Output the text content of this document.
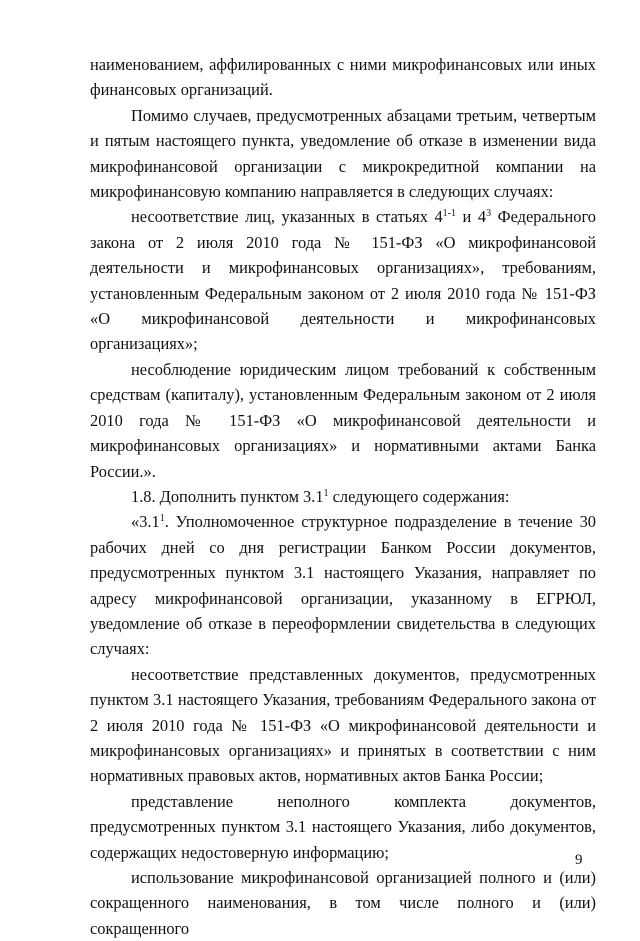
наименованием, аффилированных с ними микрофинансовых или иных финансовых организаций.

Помимо случаев, предусмотренных абзацами третьим, четвертым и пятым настоящего пункта, уведомление об отказе в изменении вида микрофинансовой организации с микрокредитной компании на микрофинансовую компанию направляется в следующих случаях:

несоответствие лиц, указанных в статьях 4$^{1-1}$ и $4^3$ Федерального закона от 2 июля 2010 года № 151-ФЗ «О микрофинансовой деятельности и микрофинансовых организациях», требованиям, установленным Федеральным законом от 2 июля 2010 года № 151-ФЗ «О микрофинансовой деятельности и микрофинансовых организациях»;

несоблюдение юридическим лицом требований к собственным средствам (капиталу), установленным Федеральным законом от 2 июля 2010 года № 151-ФЗ «О микрофинансовой деятельности и микрофинансовых организациях» и нормативными актами Банка России.».

1.8. Дополнить пунктом $3.1^1$ следующего содержания:

«$3.1^1$. Уполномоченное структурное подразделение в течение 30 рабочих дней со дня регистрации Банком России документов, предусмотренных пунктом 3.1 настоящего Указания, направляет по адресу микрофинансовой организации, указанному в ЕГРЮЛ, уведомление об отказе в переоформлении свидетельства в следующих случаях:

несоответствие представленных документов, предусмотренных пунктом 3.1 настоящего Указания, требованиям Федерального закона от 2 июля 2010 года № 151-ФЗ «О микрофинансовой деятельности и микрофинансовых организациях» и принятых в соответствии с ним нормативных правовых актов, нормативных актов Банка России;

представление неполного комплекта документов, предусмотренных пунктом 3.1 настоящего Указания, либо документов, содержащих недостоверную информацию;

использование микрофинансовой организацией полного и (или) сокращенного наименования, в том числе полного и (или) сокращенного

9
